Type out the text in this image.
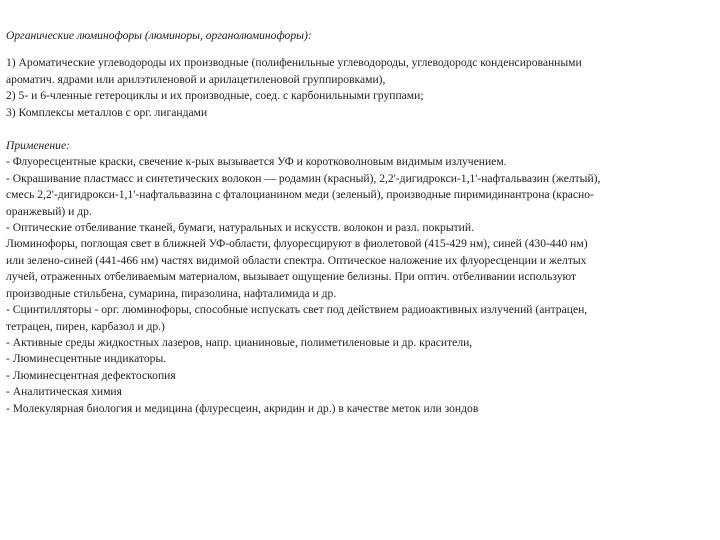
Органические люминофоры (люминоры, органолюминофоры):

1) Ароматические углеводороды их производные (полифенильные углеводороды, углеводородс конденсированными

ароматич. ядрами или арилэтиленовой и арилацетиленовой группировками),

2) 5- и 6-членные гетероциклы и их производные, соед. с карбонильными группами;

3) Комплексы металлов с орг. лигандами

Применение:

- Флуоресцентные краски, свечение к-рых вызывается УФ и коротковолновым видимым излучением.

- Окрашивание пластмасс и синтетических волокон — родамин (красный), 2,2'-дигидрокси-1,1'-нафтальвазин (желтый),

смесь 2,2'-дигидрокси-1,1'-нафтальвазина с фталоцианином меди (зеленый), производные пиримидинантрона (красно-

оранжевый) и др.

- Оптические отбеливание тканей, бумаги, натуральных и искусств. волокон и разл. покрытий.

Люминофоры, поглощая свет в ближней УФ-области, флуоресцируют в фиолетовой (415-429 нм), синей (430-440 нм)

или зелено-синей (441-466 нм) частях видимой области спектра. Оптическое наложение их флуоресценции и желтых

лучей, отраженных отбеливаемым материалом, вызывает ощущение белизны. При оптич. отбеливании используют

производные стильбена, сумарина, пиразолина, нафталимида и др.

- Сцинтилляторы - орг. люминофоры, способные испускать свет под действием радиоактивных излучений (антрацен,

тетрацен, пирен, карбазол и др.)

- Активные среды жидкостных лазеров, напр. цианиновые, полиметиленовые и др. красители,

- Люминесцентные индикаторы.

- Люминесцентная дефектоскопия

- Аналитическая химия

- Молекулярная биология и медицина (флуресцеин, акридин и др.) в качестве меток или зондов
